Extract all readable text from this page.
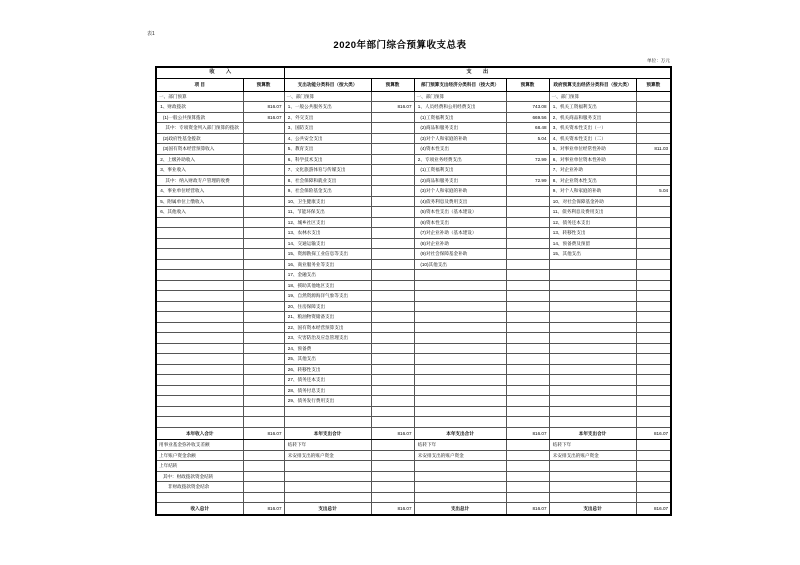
表1
2020年部门综合预算收支总表
单位：万元
收入		支出					
项 目	预算数	支出功能分类科目（按大类）	预算数	部门预算支出经济分类科目（按大类）	预算数	政府预算支出经济分类科目（按大类）	预算数
一、部门预算		一、部门预算		一、部门预算		一、部门预算	
1、财政拨款	816.07	1、一般公共服务支出	816.07	1、人员经费和公用经费支出	743.08	1、机关工资福利支出	
(1)一般公共预算拨款	816.07	2、外交支出		(1)工资福利支出	669.56	2、机关商品和服务支出	
其中：专项资金列入部门预算的拨款		3、国防支出		(2)商品和服务支出	68.48	3、机关资本性支出（一）	
(2)政府性基金拨款		4、公共安全支出		(3)对个人和家庭的补助	5.04	4、机关资本性支出（二）	
(3)国有资本经营预算收入		5、教育支出		(4)资本性支出		5、对事业单位经常性补助	811.03
2、上级补助收入		6、科学技术支出		2、专项业务经费支出	72.99	6、对事业单位资本性补助	
3、事业收入		7、文化旅游体育与传媒支出		(1)工资福利支出		7、对企业补助	
其中：纳入财政专户管理的收费		8、社会保障和就业支出		(2)商品和服务支出	72.99	8、对企业资本性支出	
4、事业单位经营收入		9、社会保险基金支出		(3)对个人和家庭的补助		9、对个人和家庭的补助	5.04
5、附属单位上缴收入		10、卫生健康支出		(4)债务利息及费用支出		10、对社会保障基金补助	
6、其他收入		11、节能环保支出		(5)资本性支出（基本建设）		11、债务利息及费用支出	
		12、城乡社区支出		(6)资本性支出		12、债务还本支出	
		13、农林水支出		(7)对企业补助（基本建设）		13、转移性支出	
		14、交通运输支出		(8)对企业补助		14、预备费及预留	
		15、资源勘探工业信息等支出		(9)对社会保障基金补助		15、其他支出	
		16、商业服务业等支出		(10)其他支出			
		17、金融支出					
		18、援助其他地区支出					
		19、自然资源海洋气象等支出					
		20、住房保障支出					
		21、粮油物资储备支出					
		22、国有资本经营预算支出					
		23、灾害防治及应急管理支出					
		24、预备费					
		25、其他支出					
		26、转移性支出					
		27、债务还本支出					
		28、债务付息支出					
		29、债务发行费用支出					

本年收入合计	816.07	本年支出合计	816.07	本年支出合计	816.07	本年支出合计	816.07
用事业基金弥补收支差额		结转下年		结转下年		结转下年	
上年账户资金余额		未安排支出的账户资金		未安排支出的账户资金		未安排支出的账户资金	
上年结转							
其中：财政拨款资金结转							
非财政拨款资金结余							

收入总计	816.07	支出总计	816.07	支出总计	816.07	支出总计	816.07
